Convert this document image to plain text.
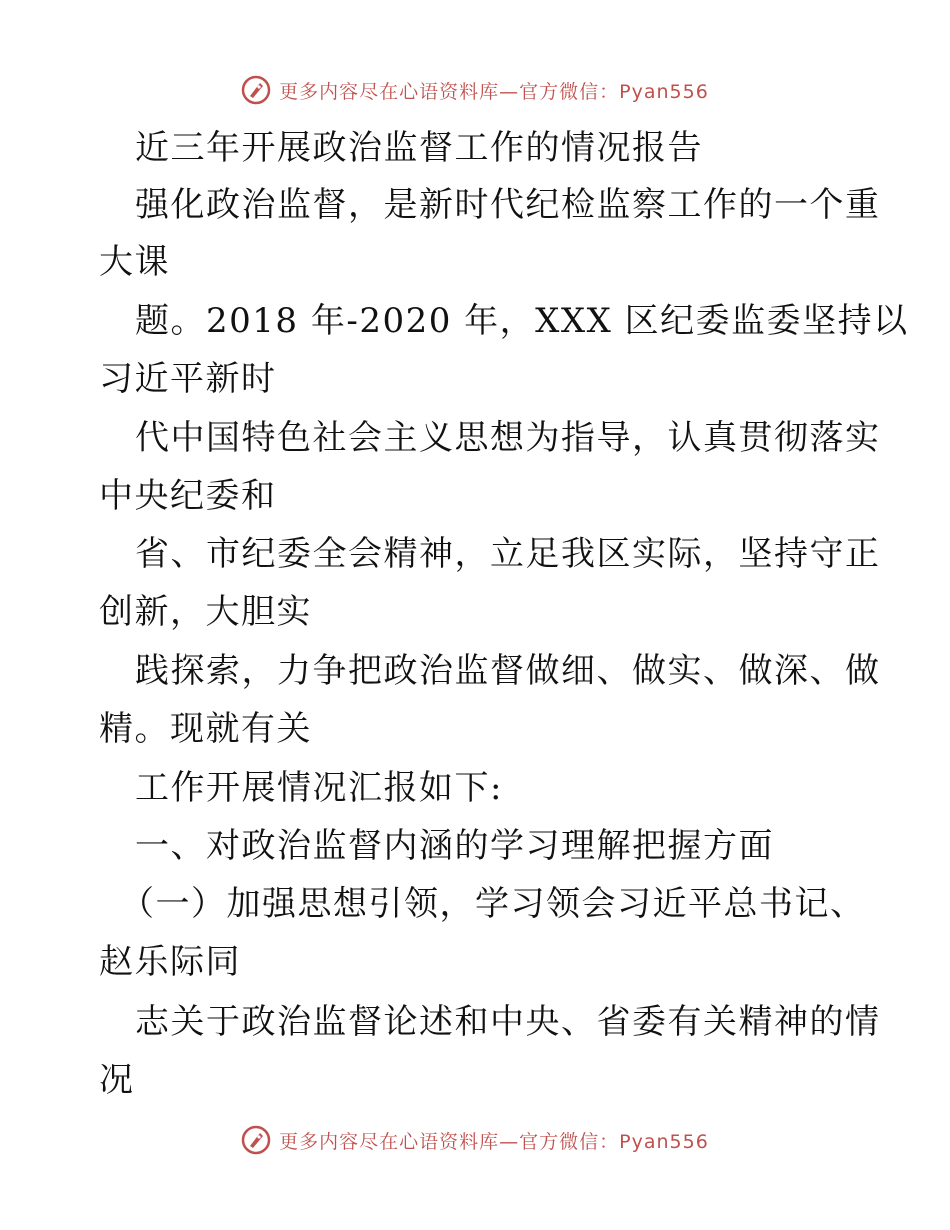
更多内容尽在心语资料库—官方微信：Pyan556
近三年开展政治监督工作的情况报告
强化政治监督，是新时代纪检监察工作的一个重
大课
题。2018 年-2020 年，XXX 区纪委监委坚持以
习近平新时
代中国特色社会主义思想为指导，认真贯彻落实
中央纪委和
省、市纪委全会精神，立足我区实际，坚持守正
创新，大胆实
践探索，力争把政治监督做细、做实、做深、做
精。现就有关
工作开展情况汇报如下:
一、对政治监督内涵的学习理解把握方面
（一）加强思想引领，学习领会习近平总书记、
赵乐际同
志关于政治监督论述和中央、省委有关精神的情
况
更多内容尽在心语资料库—官方微信：Pyan556
